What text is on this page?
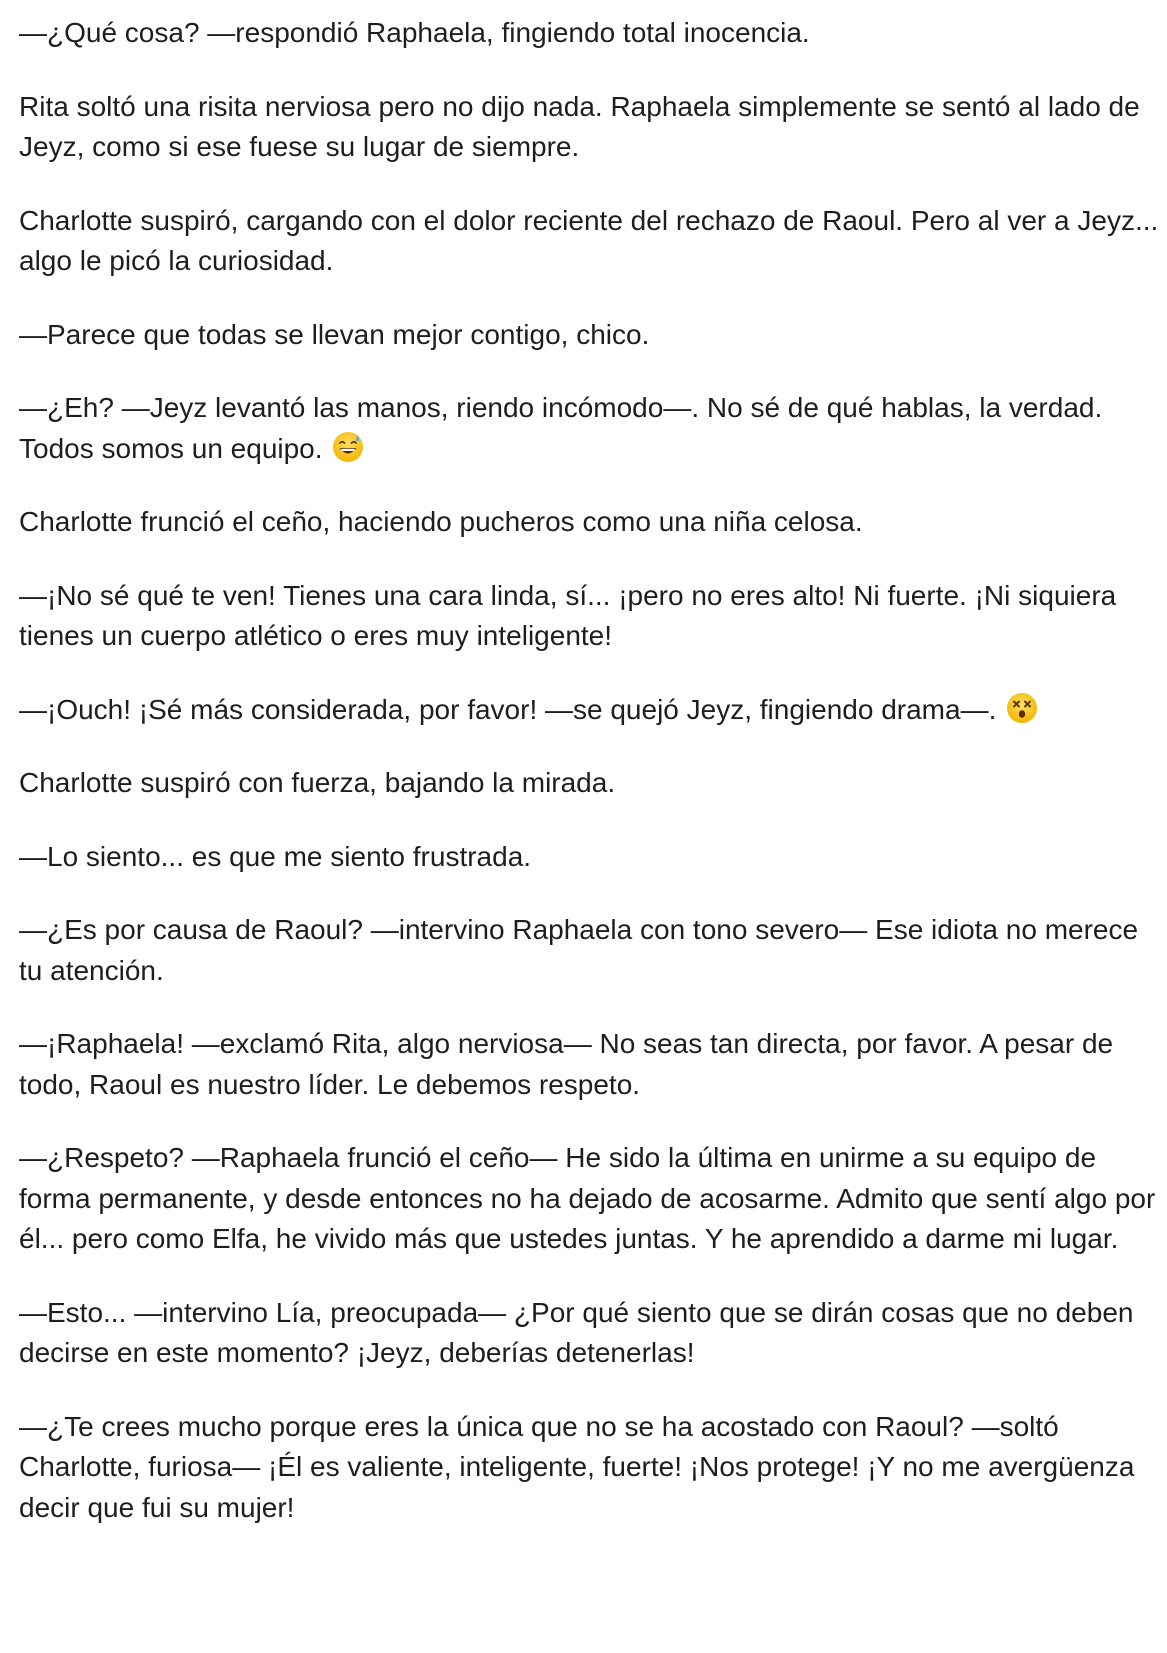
—¿Qué cosa? —respondió Raphaela, fingiendo total inocencia.

Rita soltó una risita nerviosa pero no dijo nada. Raphaela simplemente se sentó al lado de Jeyz, como si ese fuese su lugar de siempre.

Charlotte suspiró, cargando con el dolor reciente del rechazo de Raoul. Pero al ver a Jeyz... algo le picó la curiosidad.

—Parece que todas se llevan mejor contigo, chico.

—¿Eh? —Jeyz levantó las manos, riendo incómodo—. No sé de qué hablas, la verdad. Todos somos un equipo.

Charlotte frunció el ceño, haciendo pucheros como una niña celosa.

—¡No sé qué te ven! Tienes una cara linda, sí... ¡pero no eres alto! Ni fuerte. ¡Ni siquiera tienes un cuerpo atlético o eres muy inteligente!

—¡Ouch! ¡Sé más considerada, por favor! —se quejó Jeyz, fingiendo drama—.

Charlotte suspiró con fuerza, bajando la mirada.

—Lo siento... es que me siento frustrada.

—¿Es por causa de Raoul? —intervino Raphaela con tono severo— Ese idiota no merece tu atención.

—¡Raphaela! —exclamó Rita, algo nerviosa— No seas tan directa, por favor. A pesar de todo, Raoul es nuestro líder. Le debemos respeto.

—¿Respeto? —Raphaela frunció el ceño— He sido la última en unirme a su equipo de forma permanente, y desde entonces no ha dejado de acosarme. Admito que sentí algo por él... pero como Elfa, he vivido más que ustedes juntas. Y he aprendido a darme mi lugar.

—Esto... —intervino Lía, preocupada— ¿Por qué siento que se dirán cosas que no deben decirse en este momento? ¡Jeyz, deberías detenerlas!

—¿Te crees mucho porque eres la única que no se ha acostado con Raoul? —soltó Charlotte, furiosa— ¡Él es valiente, inteligente, fuerte! ¡Nos protege! ¡Y no me avergüenza decir que fui su mujer!
